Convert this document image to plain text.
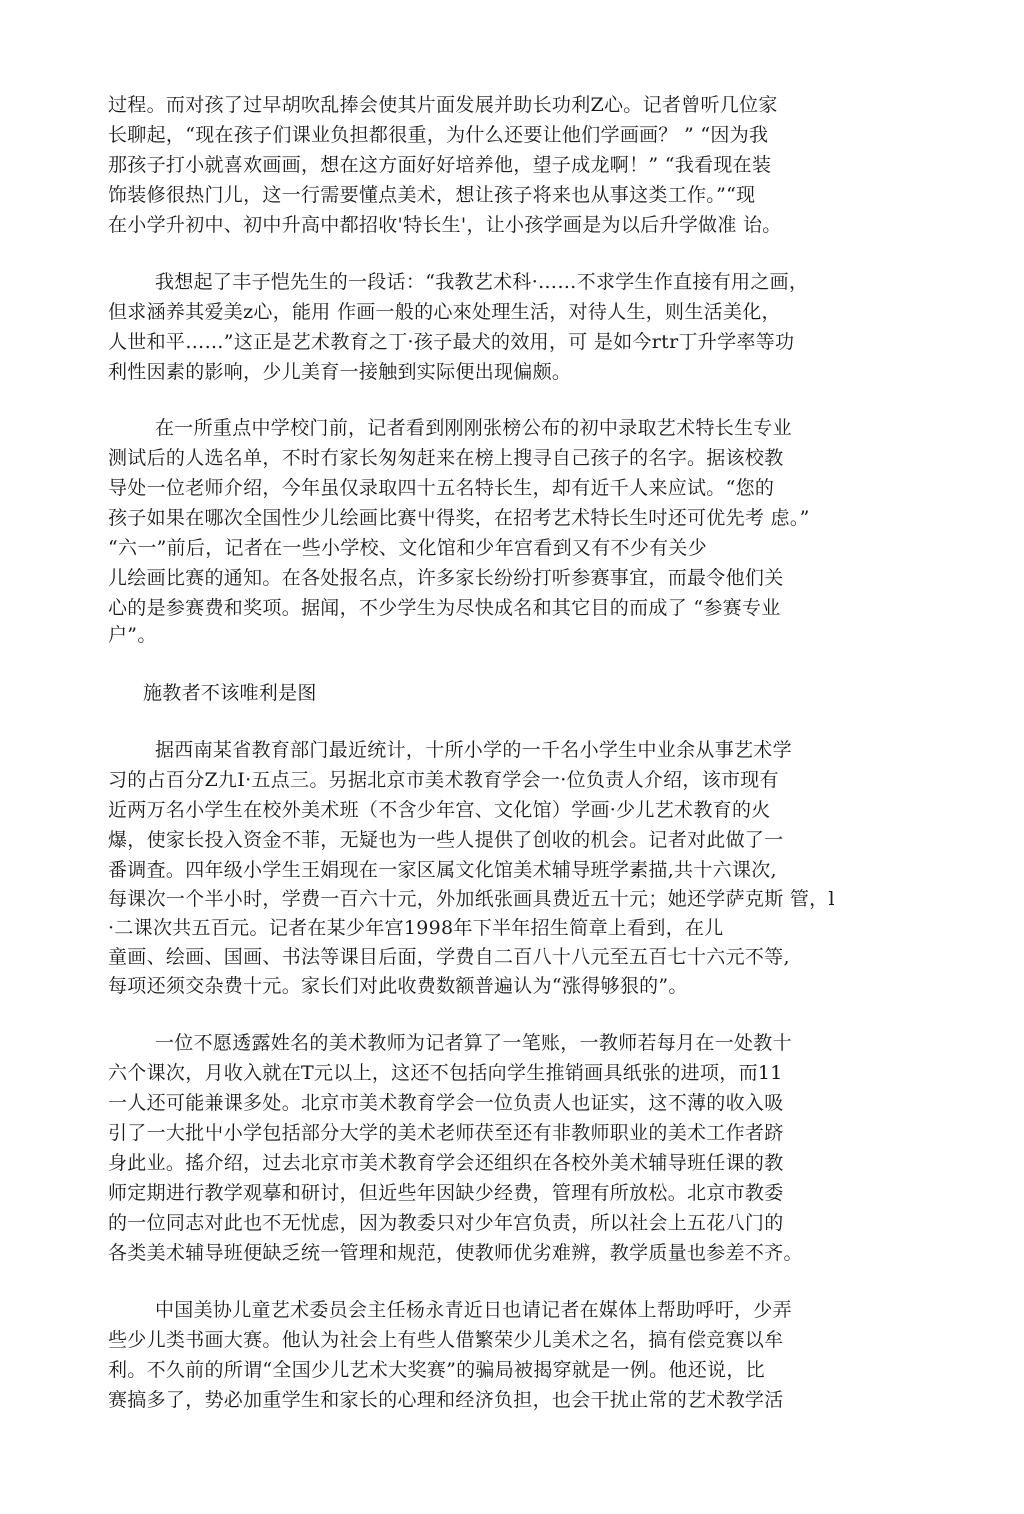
过程。而对孩了过早胡吹乱捧会使其片面发展并助长功利Z心。记者曾听几位家
长聊起，“现在孩子们课业负担都很重，为什么还要让他们学画画？ ” “因为我
那孩子打小就喜欢画画，想在这方面好好培养他，望子成龙啊！” “我看现在装
饰装修很热门儿，这一行需要懂点美术，想让孩子将来也从事这类工作。”“现
在小学升初中、初中升高中都招收'特长生'，让小孩学画是为以后升学做准 诒。
我想起了丰子恺先生的一段话：“我教艺术科·……不求学生作直接有用之画，
但求涵养其爱美z心，能用 作画一般的心來处理生活，对待人生，则生活美化，
人世和平……”这正是艺术教育之丁·孩子最犬的效用，可 是如今rtr丁升学率等功
利性因素的影响，少儿美育一接触到实际便出现偏颇。
在一所重点中学校门前，记者看到刚刚张榜公布的初中录取艺术特长生专业
测试后的人选名单，不时冇家长匆匆赶来在榜上搜寻自己孩子的名字。据该校教
导处一位老师介绍，今年虽仅录取四十五名特长生，却有近千人来应试。“您的
孩子如果在哪次全国性少儿绘画比赛屮得奖，在招考艺术特长生吋还可优先考 虑。”
“六一”前后，记者在一些小学校、文化馆和少年宫看到又有不少有关少
儿绘画比赛的通知。在各处报名点，许多家长纷纷打听参赛事宜，而最令他们关
心的是参赛费和奖项。据闻，不少学生为尽快成名和其它目的而成了 “参赛专业
户”。
施教者不该唯利是图
据西南某省教育部门最近统计，十所小学的一千名小学生中业余从事艺术学
习的占百分Z九I·五点三。另据北京市美术教育学会一·位负责人介绍，该市现有
近两万名小学生在校外美术班（不含少年宫、文化馆）学画·少儿艺术教育的火
爆，使家长投入资金不菲，无疑也为一些人提供了创收的机会。记者对此做了一
番调査。四年级小学生王娟现在一家区属文化馆美术辅导班学素描,共十六课次,
每课次一个半小时，学费一百六十元，外加纸张画具费近五十元；她还学萨克斯 管，l
·二课次共五百元。记者在某少年宫1998年下半年招生简章上看到，在儿
童画、绘画、国画、书法等课目后面，学费自二百八十八元至五百七十六元不等,
每项还须交杂费十元。家长们对此收费数额普遍认为“涨得够狠的”。
一位不愿透露姓名的美术教师为记者算了一笔账，一教师若每月在一处教十
六个课次，月收入就在T元以上，这还不包括向学生推销画具纸张的进项，而11
一人还可能兼课多处。北京市美术教育学会一位负责人也证实，这不薄的收入吸
引了一大批屮小学包括部分大学的美术老师茯至还有非教师职业的美术工作者跻
身此业。搖介绍，过去北京市美术教育学会还组织在各校外美术辅导班任课的教
师定期进行教学观摹和研讨，但近些年因缺少经费，管理有所放松。北京市教委
的一位同志对此也不无忧虑，因为教委只对少年宫负责，所以社会上五花八门的
各类美术辅导班便缺乏统一管理和规范，使教师优劣难辨，教学质量也参差不齐。
中国美协儿童艺术委员会主任杨永青近日也请记者在媒体上帮助呼吁，少弄
些少儿类书画大赛。他认为社会上有些人借繁荣少儿美术之名，搞有偿竞赛以牟
利。不久前的所谓“全国少儿艺术大奖赛”的骗局被揭穿就是一例。他还说，比
赛搞多了，势必加重学生和家长的心理和经济负担，也会干扰止常的艺术教学活
